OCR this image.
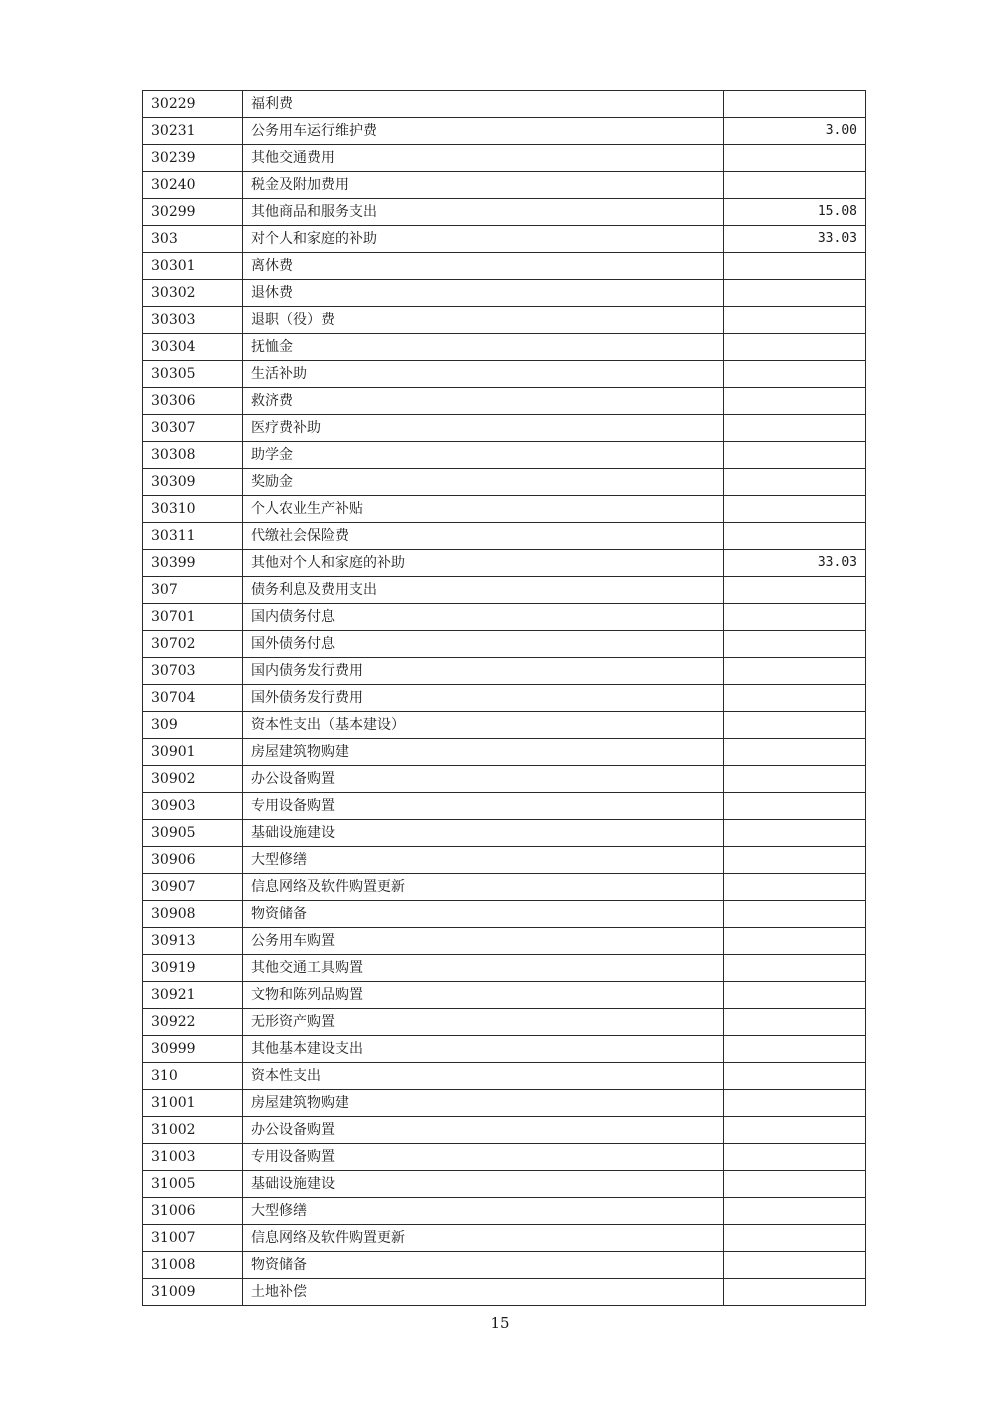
30229	福利费	
30231	公务用车运行维护费	3.00
30239	其他交通费用	
30240	税金及附加费用	
30299	其他商品和服务支出	15.08
303	对个人和家庭的补助	33.03
30301	离休费	
30302	退休费	
30303	退职（役）费	
30304	抚恤金	
30305	生活补助	
30306	救济费	
30307	医疗费补助	
30308	助学金	
30309	奖励金	
30310	个人农业生产补贴	
30311	代缴社会保险费	
30399	其他对个人和家庭的补助	33.03
307	债务利息及费用支出	
30701	国内债务付息	
30702	国外债务付息	
30703	国内债务发行费用	
30704	国外债务发行费用	
309	资本性支出（基本建设）	
30901	房屋建筑物购建	
30902	办公设备购置	
30903	专用设备购置	
30905	基础设施建设	
30906	大型修缮	
30907	信息网络及软件购置更新	
30908	物资储备	
30913	公务用车购置	
30919	其他交通工具购置	
30921	文物和陈列品购置	
30922	无形资产购置	
30999	其他基本建设支出	
310	资本性支出	
31001	房屋建筑物购建	
31002	办公设备购置	
31003	专用设备购置	
31005	基础设施建设	
31006	大型修缮	
31007	信息网络及软件购置更新	
31008	物资储备	
31009	土地补偿	
15
